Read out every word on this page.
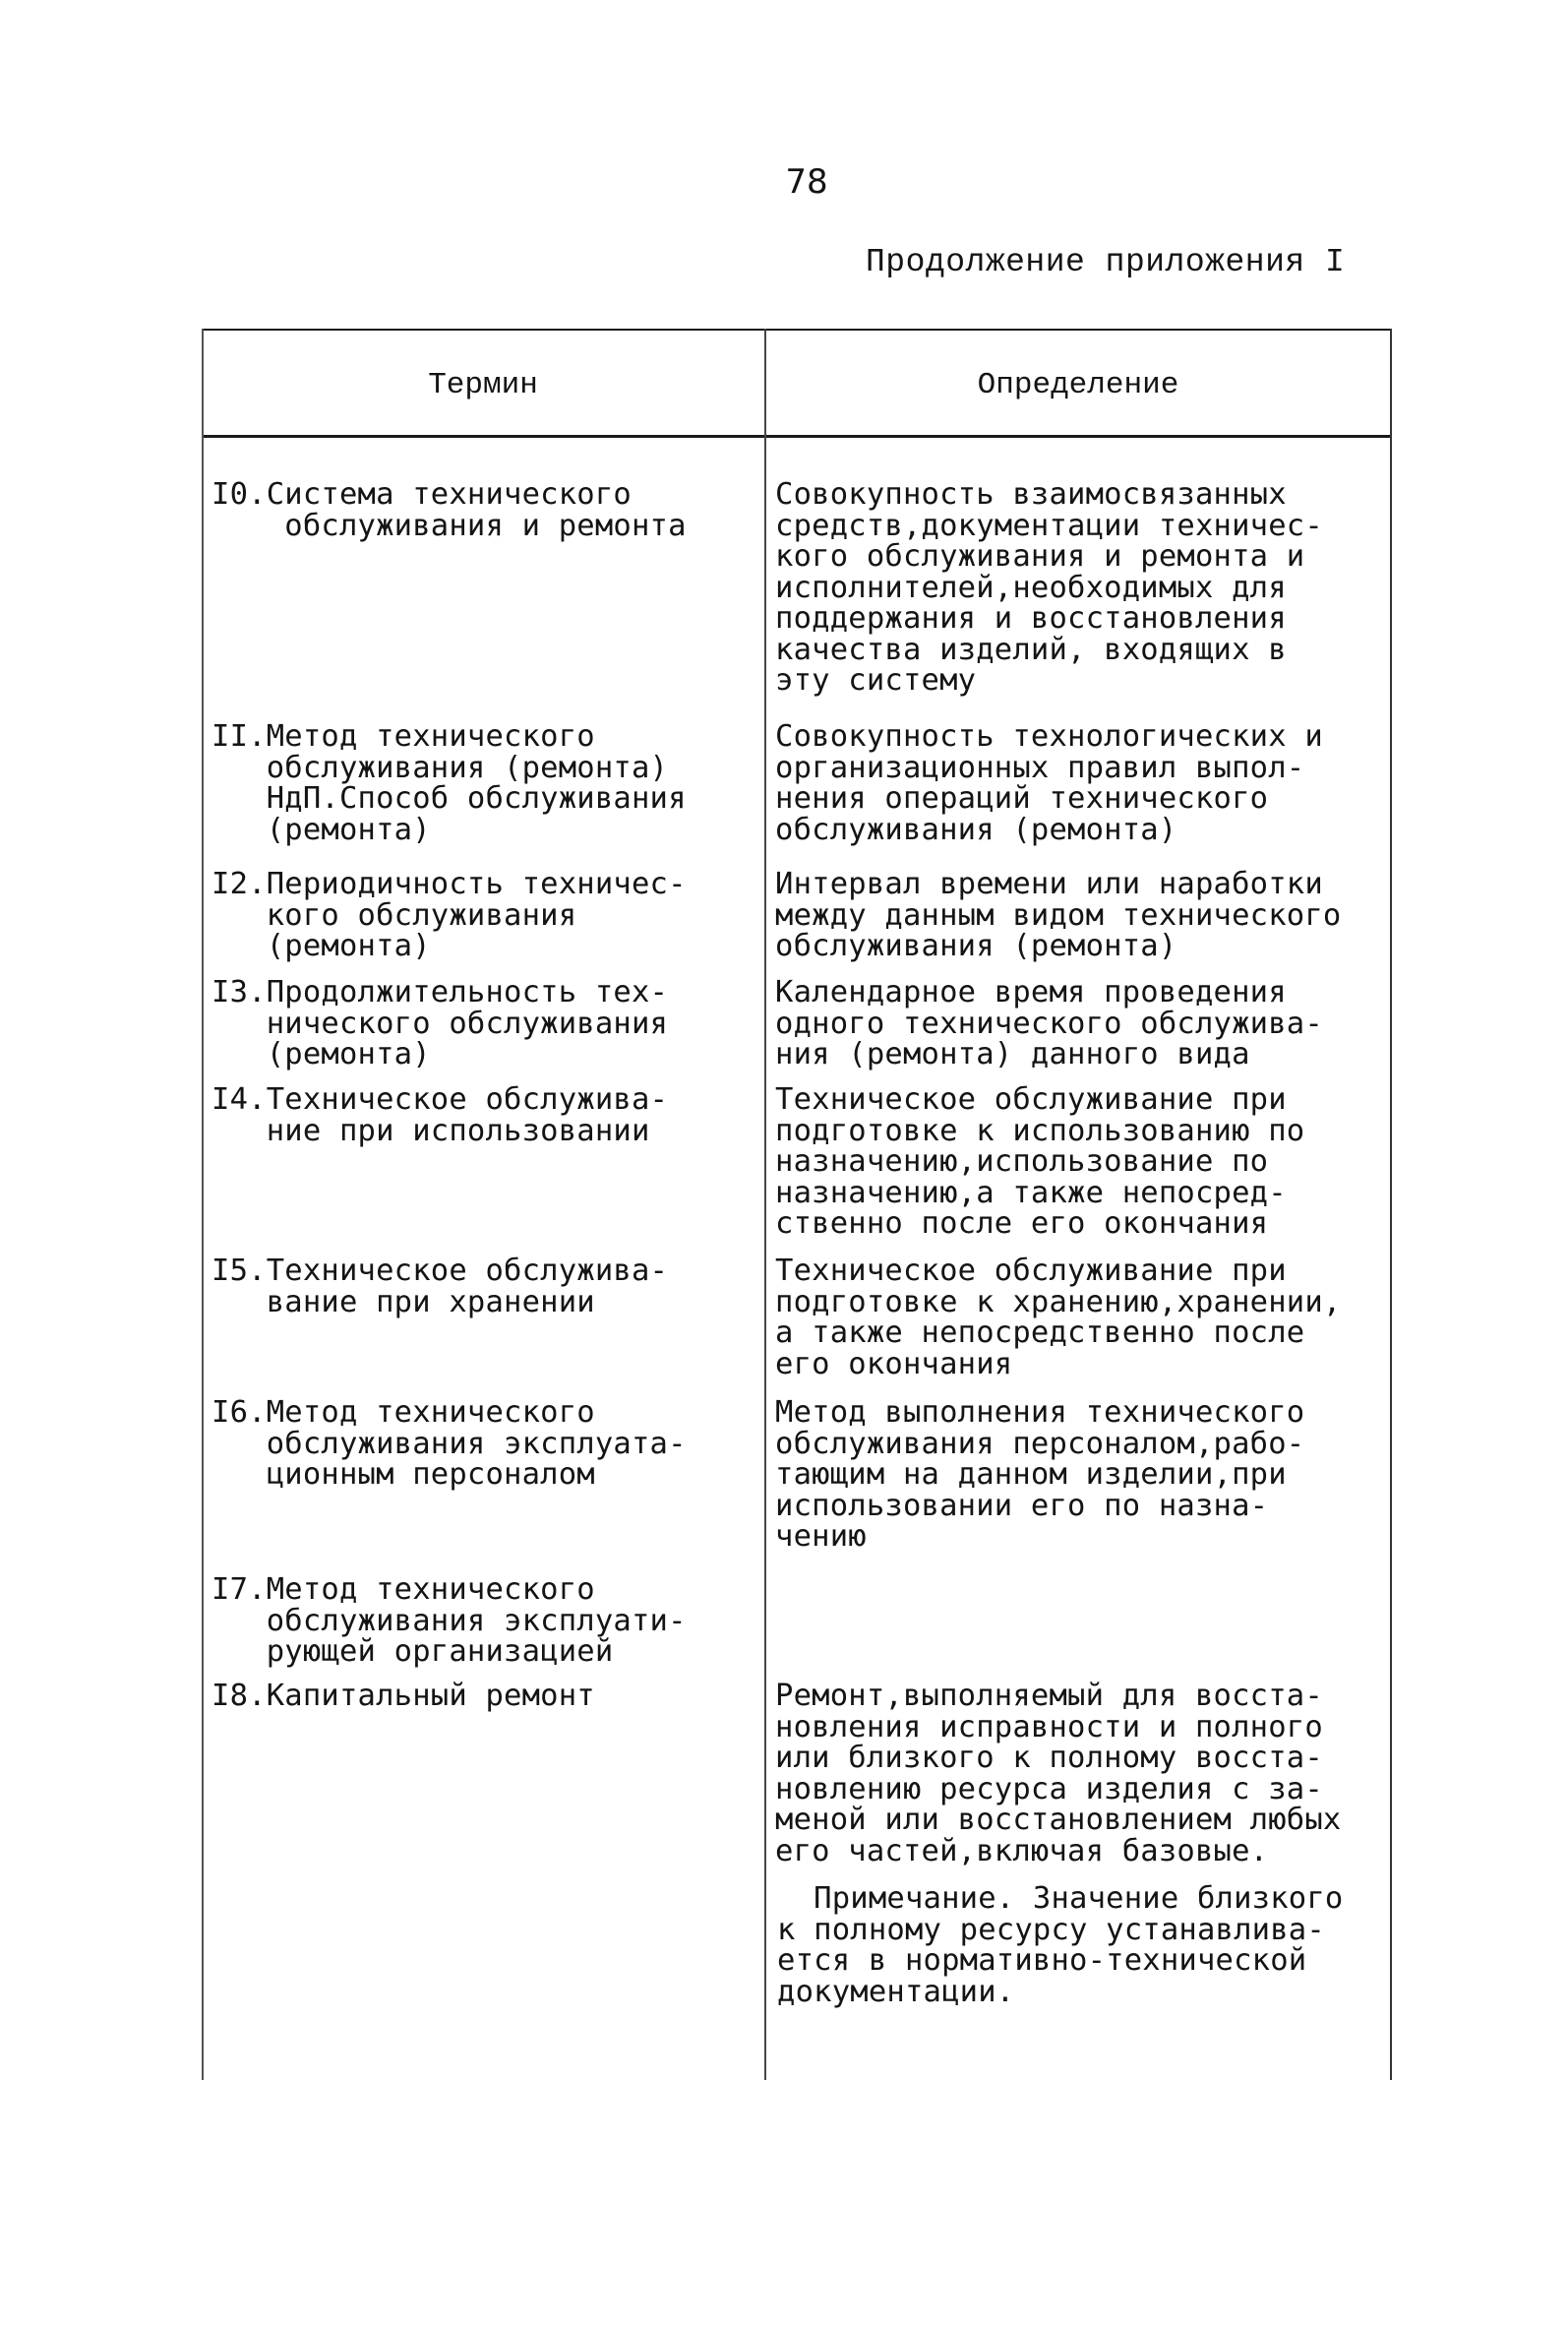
78
Продолжение приложения I
Термин	Определение
I0.Система технического
обслуживания и ремонта
Совокупность взаимосвязанных
средств,документации техничес-
кого обслуживания и ремонта и
исполнителей,необходимых для
поддержания и восстановления
качества изделий, входящих в
эту систему
II.Метод технического
обслуживания (ремонта)
НдП.Способ обслуживания
(ремонта)
Совокупность технологических и
организационных правил выпол-
нения операций технического
обслуживания (ремонта)
I2.Периодичность техничес-
кого обслуживания
(ремонта)
Интервал времени или наработки
между данным видом технического
обслуживания (ремонта)
I3.Продолжительность тех-
нического обслуживания
(ремонта)
Календарное время проведения
одного технического обслужива-
ния (ремонта) данного вида
I4.Техническое обслужива-
ние при использовании
Техническое обслуживание при
подготовке к использованию по
назначению,использование по
назначению,а также непосред-
ственно после его окончания
I5.Техническое обслужива-
вание при хранении
Техническое обслуживание при
подготовке к хранению,хранении,
а также непосредственно после
его окончания
I6.Метод технического
обслуживания эксплуата-
ционным персоналом
Метод выполнения технического
обслуживания персоналом,рабо-
тающим на данном изделии,при
использовании его по назна-
чению
I7.Метод технического
обслуживания эксплуати-
рующей организацией
I8.Капитальный ремонт	Ремонт,выполняемый для восста-
новления исправности и полного
или близкого к полному восста-
новлению ресурса изделия с за-
меной или восстановлением любых
его частей,включая базовые.
Примечание. Значение близкого
к полному ресурсу устанавлива-
ется в нормативно-технической
документации.
